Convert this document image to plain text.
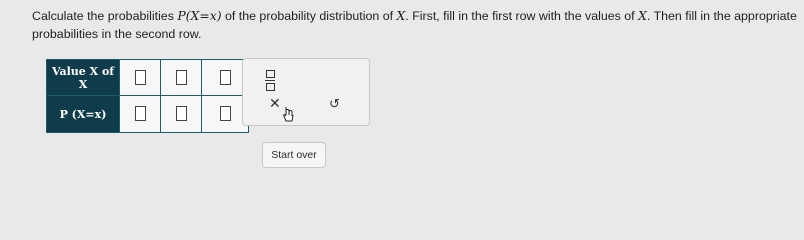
Calculate the probabilities P(X=x) of the probability distribution of X. First, fill in the first row with the values of X. Then fill in the appropriate probabilities in the second row.

Value X of X			
P (X=x)			
✕	↺
Start over
